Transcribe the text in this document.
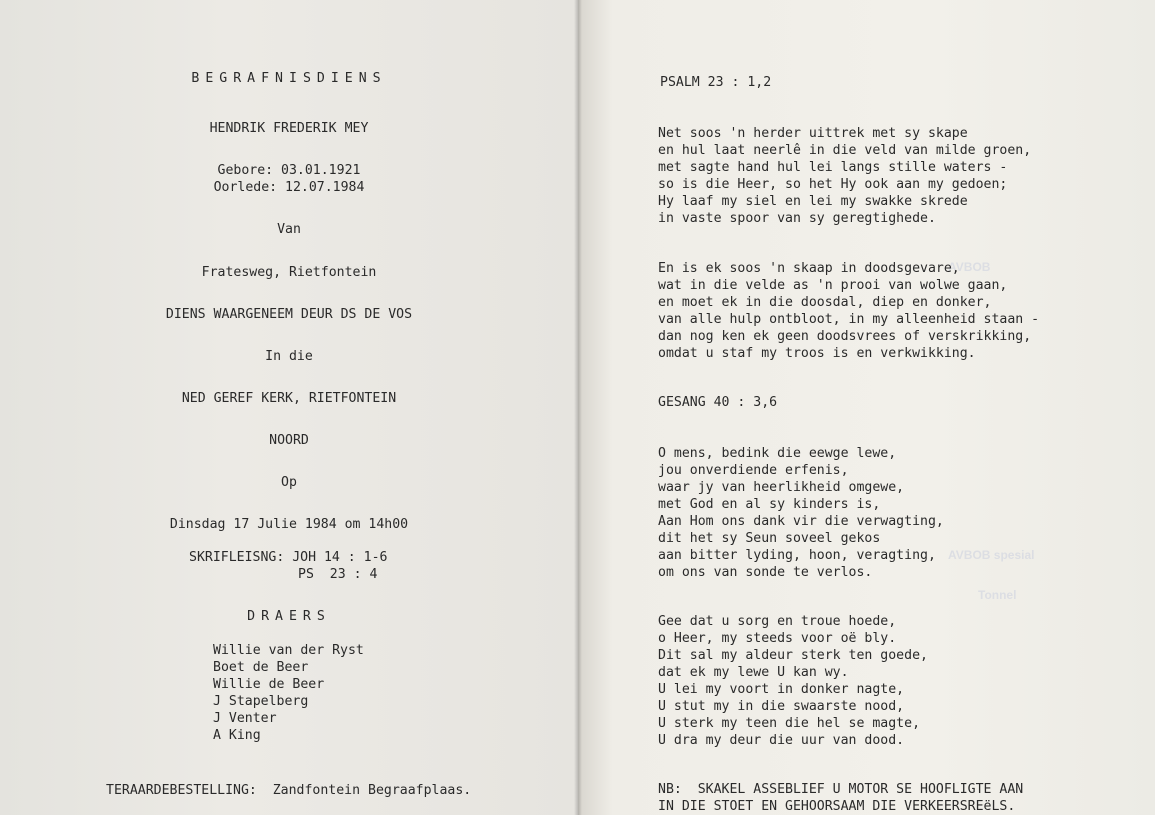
BEGRAFNISDIENS
HENDRIK FREDERIK MEY
Gebore: 03.01.1921
Oorlede: 12.07.1984
Van
Fratesweg, Rietfontein
DIENS WAARGENEEM DEUR DS DE VOS
In die
NED GEREF KERK, RIETFONTEIN
NOORD
Op
Dinsdag 17 Julie 1984 om 14h00
SKRIFLEISNG: JOH 14 : 1-6
PS  23 : 4
DRAERS
Willie van der Ryst
Boet de Beer
Willie de Beer
J Stapelberg
J Venter
A King
TERAARDEBESTELLING:  Zandfontein Begraafplaas.
AVBOB
AVBOB spesial
Tonnel
PSALM 23 : 1,2
Net soos 'n herder uittrek met sy skape
en hul laat neerlê in die veld van milde groen,
met sagte hand hul lei langs stille waters -
so is die Heer, so het Hy ook aan my gedoen;
Hy laaf my siel en lei my swakke skrede
in vaste spoor van sy geregtighede.
En is ek soos 'n skaap in doodsgevare,
wat in die velde as 'n prooi van wolwe gaan,
en moet ek in die doosdal, diep en donker,
van alle hulp ontbloot, in my alleenheid staan -
dan nog ken ek geen doodsvrees of verskrikking,
omdat u staf my troos is en verkwikking.
GESANG 40 : 3,6
O mens, bedink die eewge lewe,
jou onverdiende erfenis,
waar jy van heerlikheid omgewe,
met God en al sy kinders is,
Aan Hom ons dank vir die verwagting,
dit het sy Seun soveel gekos
aan bitter lyding, hoon, veragting,
om ons van sonde te verlos.
Gee dat u sorg en troue hoede,
o Heer, my steeds voor oë bly.
Dit sal my aldeur sterk ten goede,
dat ek my lewe U kan wy.
U lei my voort in donker nagte,
U stut my in die swaarste nood,
U sterk my teen die hel se magte,
U dra my deur die uur van dood.
NB:  SKAKEL ASSEBLIEF U MOTOR SE HOOFLIGTE AAN
IN DIE STOET EN GEHOORSAAM DIE VERKEERSREëLS.
